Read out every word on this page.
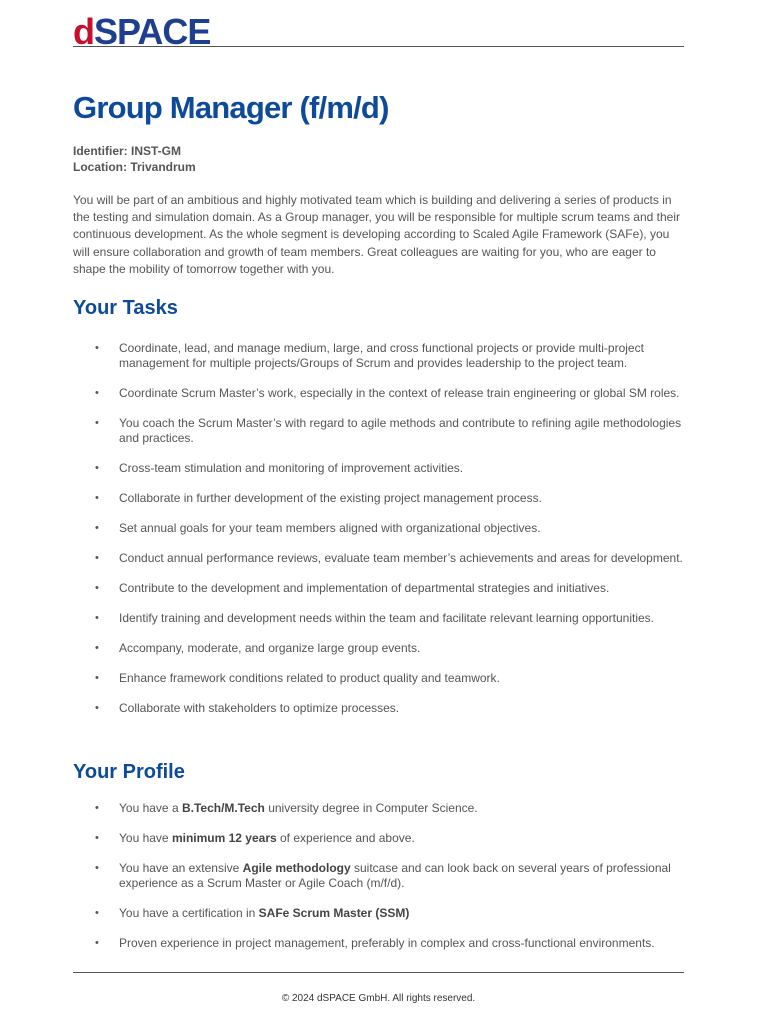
dSPACE
Group Manager (f/m/d)
Identifier: INST-GM
Location: Trivandrum
You will be part of an ambitious and highly motivated team which is building and delivering a series of products in the testing and simulation domain. As a Group manager, you will be responsible for multiple scrum teams and their continuous development. As the whole segment is developing according to Scaled Agile Framework (SAFe), you will ensure collaboration and growth of team members. Great colleagues are waiting for you, who are eager to shape the mobility of tomorrow together with you.
Your Tasks
• Coordinate, lead, and manage medium, large, and cross functional projects or provide multi-project management for multiple projects/Groups of Scrum and provides leadership to the project team.
• Coordinate Scrum Master’s work, especially in the context of release train engineering or global SM roles.
• You coach the Scrum Master’s with regard to agile methods and contribute to refining agile methodologies and practices.
• Cross-team stimulation and monitoring of improvement activities.
• Collaborate in further development of the existing project management process.
• Set annual goals for your team members aligned with organizational objectives.
• Conduct annual performance reviews, evaluate team member’s achievements and areas for development.
• Contribute to the development and implementation of departmental strategies and initiatives.
• Identify training and development needs within the team and facilitate relevant learning opportunities.
• Accompany, moderate, and organize large group events.
• Enhance framework conditions related to product quality and teamwork.
• Collaborate with stakeholders to optimize processes.
Your Profile
• You have a B.Tech/M.Tech university degree in Computer Science.
• You have minimum 12 years of experience and above.
• You have an extensive Agile methodology suitcase and can look back on several years of professional experience as a Scrum Master or Agile Coach (m/f/d).
• You have a certification in SAFe Scrum Master (SSM)
• Proven experience in project management, preferably in complex and cross-functional environments.
© 2024 dSPACE GmbH. All rights reserved.
